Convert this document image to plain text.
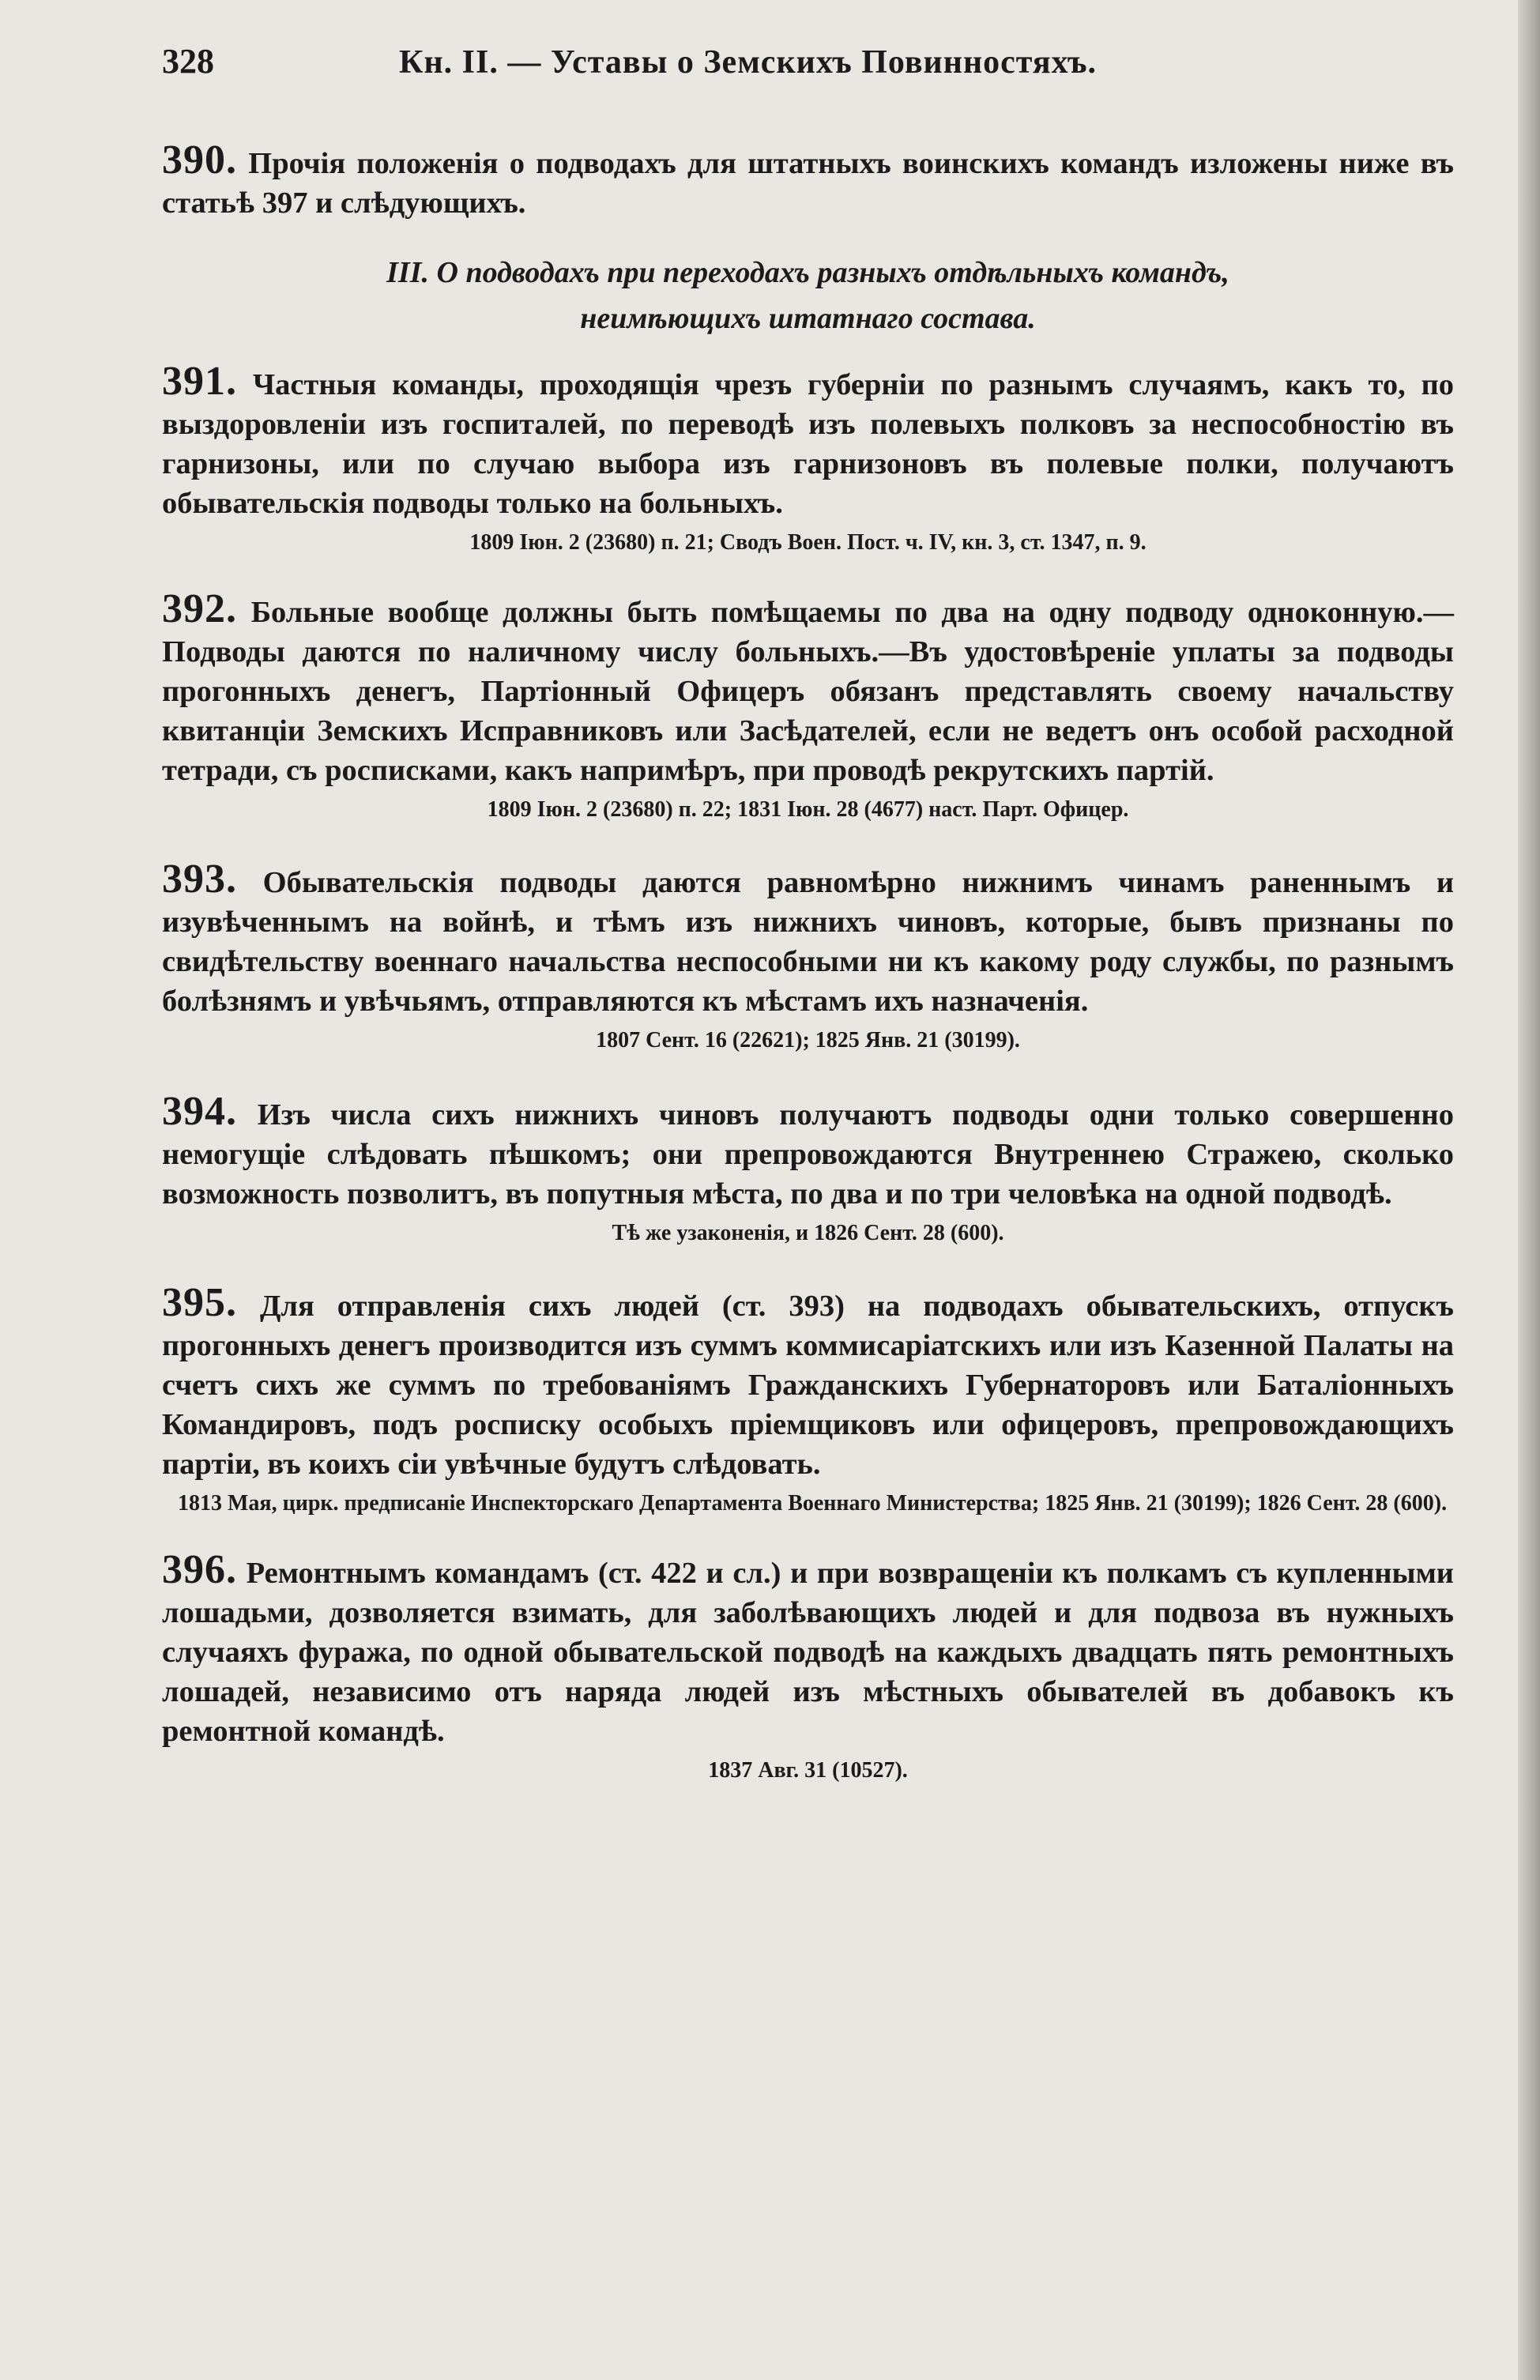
328	Кн. II. — Уставы о Земскихъ Повинностяхъ.

390. Прочія положенія о подводахъ для штатныхъ воинскихъ командъ изложены ниже въ статьѣ 397 и слѣдующихъ.

III. О подводахъ при переходахъ разныхъ отдѣльныхъ командъ,
неимѣющихъ штатнаго состава.

391. Частныя команды, проходящія чрезъ губерніи по разнымъ случаямъ, какъ то, по выздоровленіи изъ госпиталей, по переводѣ изъ полевыхъ полковъ за неспособностію въ гарнизоны, или по случаю выбора изъ гарнизоновъ въ полевые полки, получаютъ обывательскія подводы только на больныхъ.

1809 Іюн. 2 (23680) п. 21; Сводъ Воен. Пост. ч. IV, кн. 3, ст. 1347, п. 9.

392. Больные вообще должны быть помѣщаемы по два на одну подводу одноконную.—Подводы даются по наличному числу больныхъ.—Въ удостовѣреніе уплаты за подводы прогонныхъ денегъ, Партіонный Офицеръ обязанъ представлять своему начальству квитанціи Земскихъ Исправниковъ или Засѣдателей, если не ведетъ онъ особой расходной тетради, съ росписками, какъ напримѣръ, при проводѣ рекрутскихъ партій.

1809 Іюн. 2 (23680) п. 22; 1831 Іюн. 28 (4677) наст. Парт. Офицер.

393. Обывательскія подводы даются равномѣрно нижнимъ чинамъ раненнымъ и изувѣченнымъ на войнѣ, и тѣмъ изъ нижнихъ чиновъ, которые, бывъ признаны по свидѣтельству военнаго начальства неспособными ни къ какому роду службы, по разнымъ болѣзнямъ и увѣчьямъ, отправляются къ мѣстамъ ихъ назначенія.

1807 Сент. 16 (22621); 1825 Янв. 21 (30199).

394. Изъ числа сихъ нижнихъ чиновъ получаютъ подводы одни только совершенно немогущіе слѣдовать пѣшкомъ; они препровождаются Внутреннею Стражею, сколько возможность позволитъ, въ попутныя мѣста, по два и по три человѣка на одной подводѣ.

Тѣ же узаконенія, и 1826 Сент. 28 (600).

395. Для отправленія сихъ людей (ст. 393) на подводахъ обывательскихъ, отпускъ прогонныхъ денегъ производится изъ суммъ коммисаріатскихъ или изъ Казенной Палаты на счетъ сихъ же суммъ по требованіямъ Гражданскихъ Губернаторовъ или Баталіонныхъ Командировъ, подъ росписку особыхъ пріемщиковъ или офицеровъ, препровождающихъ партіи, въ коихъ сіи увѣчные будутъ слѣдовать.

1813 Мая, цирк. предписаніе Инспекторскаго Департамента Военнаго Министерства; 1825 Янв. 21 (30199); 1826 Сент. 28 (600).

396. Ремонтнымъ командамъ (ст. 422 и сл.) и при возвращеніи къ полкамъ съ купленными лошадьми, дозволяется взимать, для заболѣвающихъ людей и для подвоза въ нужныхъ случаяхъ фуража, по одной обывательской подводѣ на каждыхъ двадцать пять ремонтныхъ лошадей, независимо отъ наряда людей изъ мѣстныхъ обывателей въ добавокъ къ ремонтной командѣ.

1837 Авг. 31 (10527).
